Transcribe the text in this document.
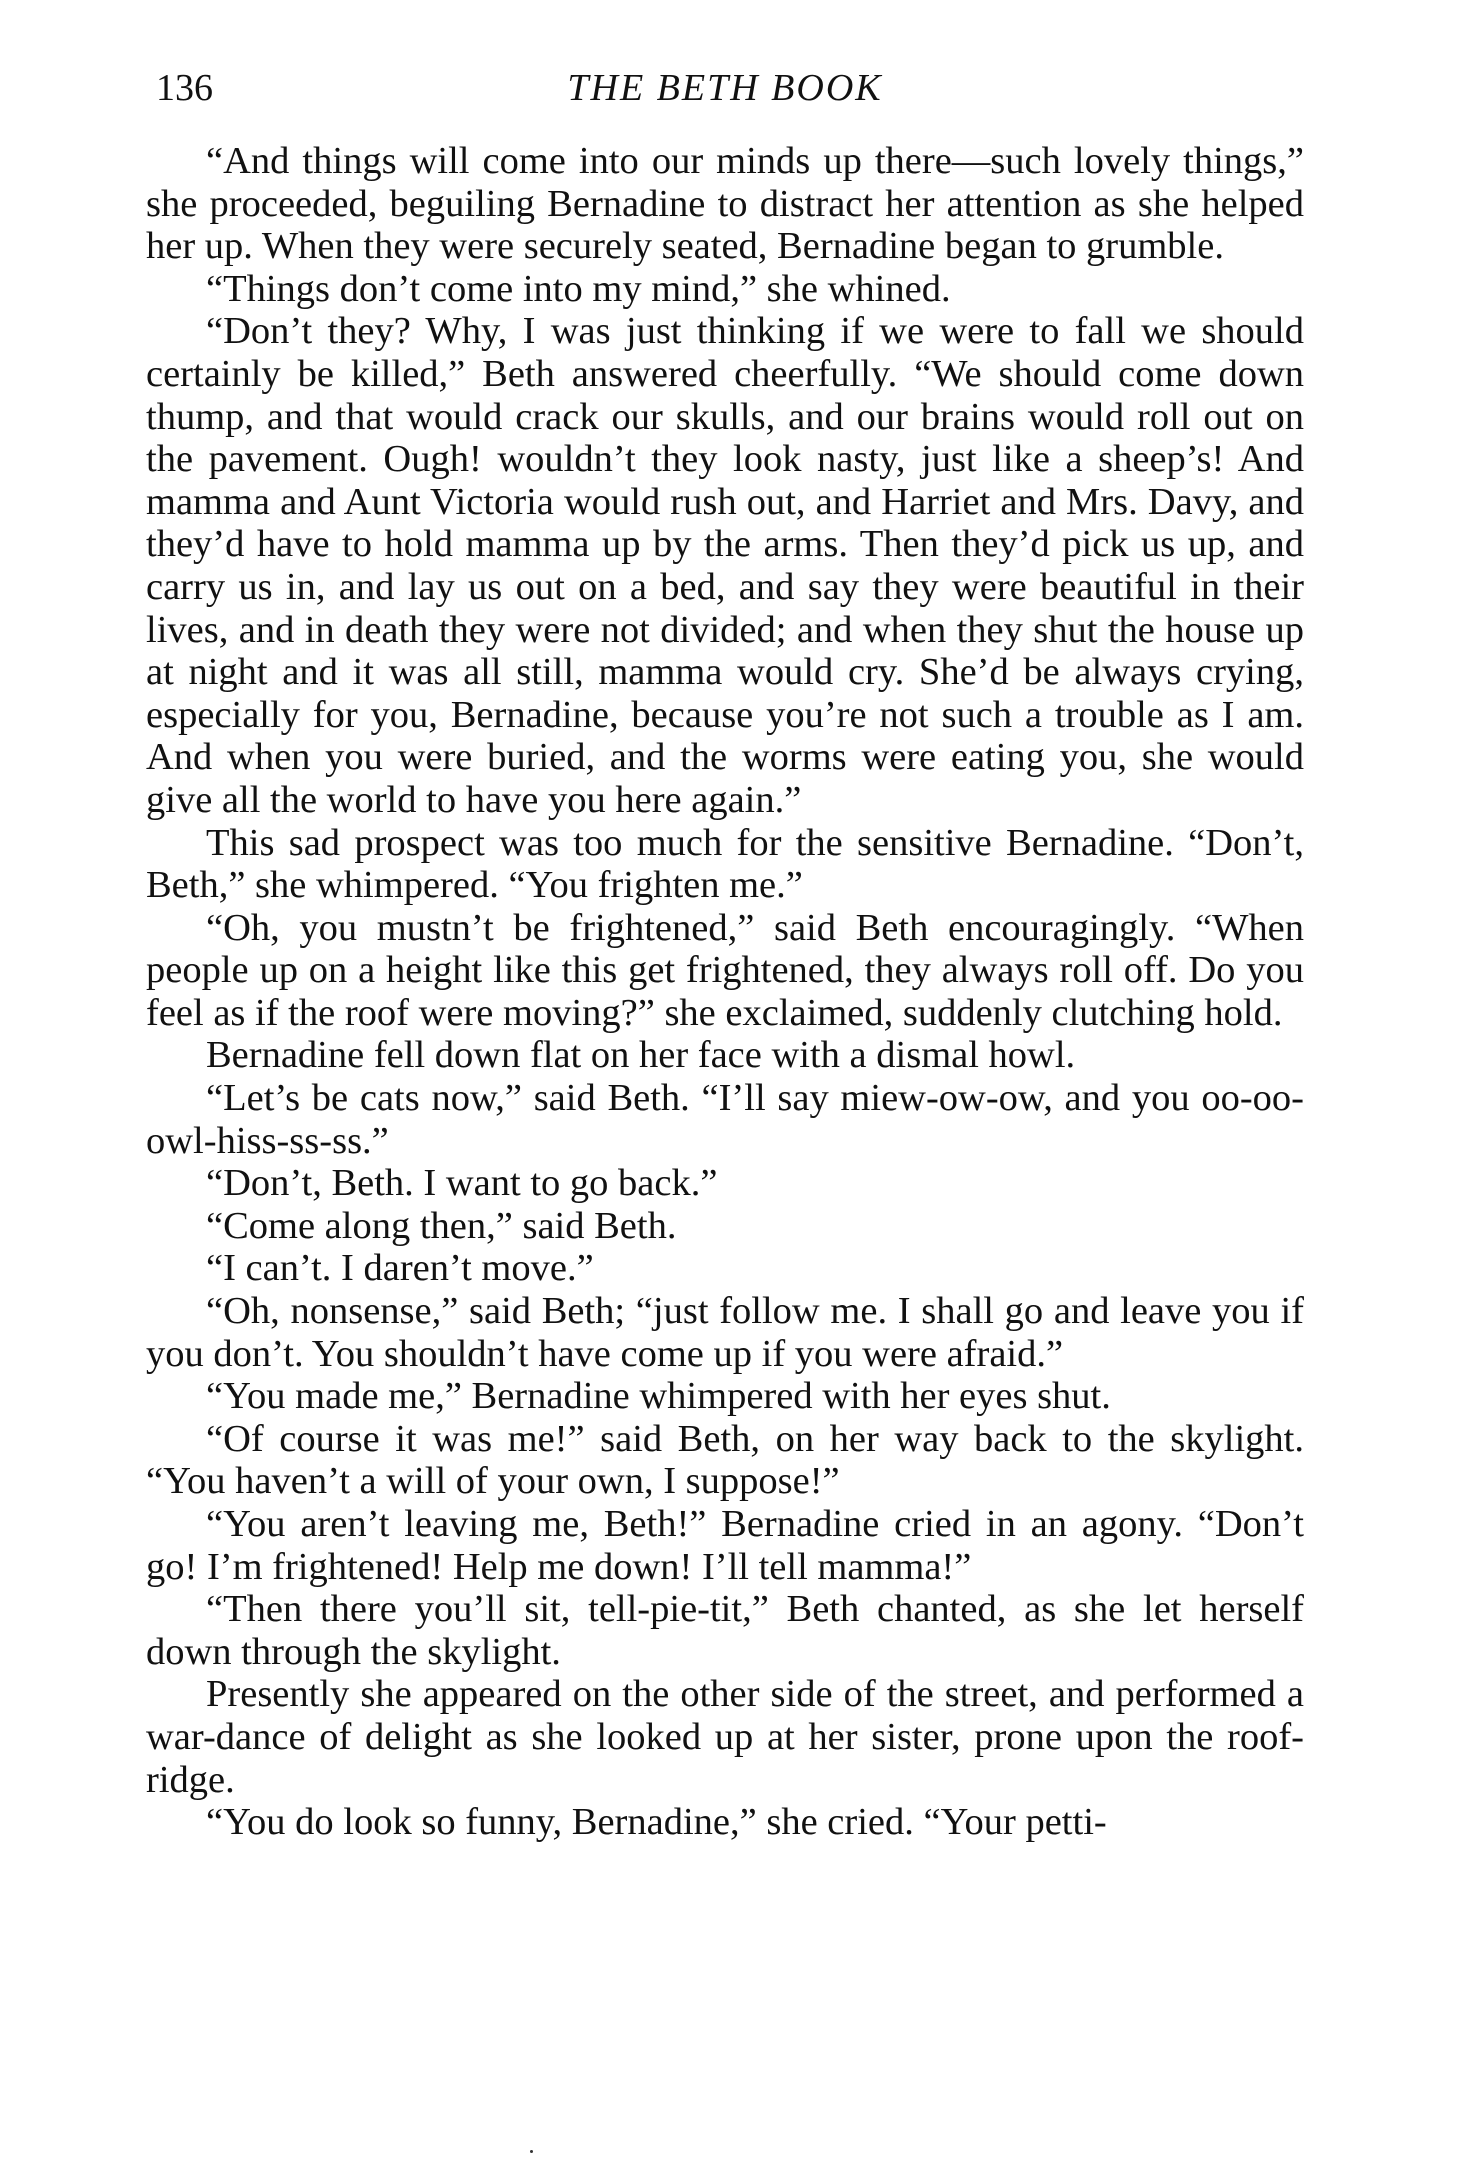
136	THE BETH BOOK

“And things will come into our minds up there—such lovely things,” she proceeded, beguiling Bernadine to distract her attention as she helped her up. When they were securely seated, Bernadine began to grumble.

“Things don’t come into my mind,” she whined.

“Don’t they? Why, I was just thinking if we were to fall we should certainly be killed,” Beth answered cheerfully. “We should come down thump, and that would crack our skulls, and our brains would roll out on the pavement. Ough! wouldn’t they look nasty, just like a sheep’s! And mamma and Aunt Victoria would rush out, and Harriet and Mrs. Davy, and they’d have to hold mamma up by the arms. Then they’d pick us up, and carry us in, and lay us out on a bed, and say they were beautiful in their lives, and in death they were not divided; and when they shut the house up at night and it was all still, mamma would cry. She’d be always crying, especially for you, Bernadine, because you’re not such a trouble as I am. And when you were buried, and the worms were eating you, she would give all the world to have you here again.”

This sad prospect was too much for the sensitive Bernadine. “Don’t, Beth,” she whimpered. “You frighten me.”

“Oh, you mustn’t be frightened,” said Beth encouragingly. “When people up on a height like this get frightened, they always roll off. Do you feel as if the roof were moving?” she exclaimed, suddenly clutching hold.

Bernadine fell down flat on her face with a dismal howl.

“Let’s be cats now,” said Beth. “I’ll say miew-ow-ow, and you oo-oo-owl-hiss-ss-ss.”

“Don’t, Beth. I want to go back.”

“Come along then,” said Beth.

“I can’t. I daren’t move.”

“Oh, nonsense,” said Beth; “just follow me. I shall go and leave you if you don’t. You shouldn’t have come up if you were afraid.”

“You made me,” Bernadine whimpered with her eyes shut.

“Of course it was me!” said Beth, on her way back to the skylight. “You haven’t a will of your own, I suppose!”

“You aren’t leaving me, Beth!” Bernadine cried in an agony. “Don’t go! I’m frightened! Help me down! I’ll tell mamma!”

“Then there you’ll sit, tell-pie-tit,” Beth chanted, as she let herself down through the skylight.

Presently she appeared on the other side of the street, and performed a war-dance of delight as she looked up at her sister, prone upon the roof-ridge.

“You do look so funny, Bernadine,” she cried. “Your petti-
